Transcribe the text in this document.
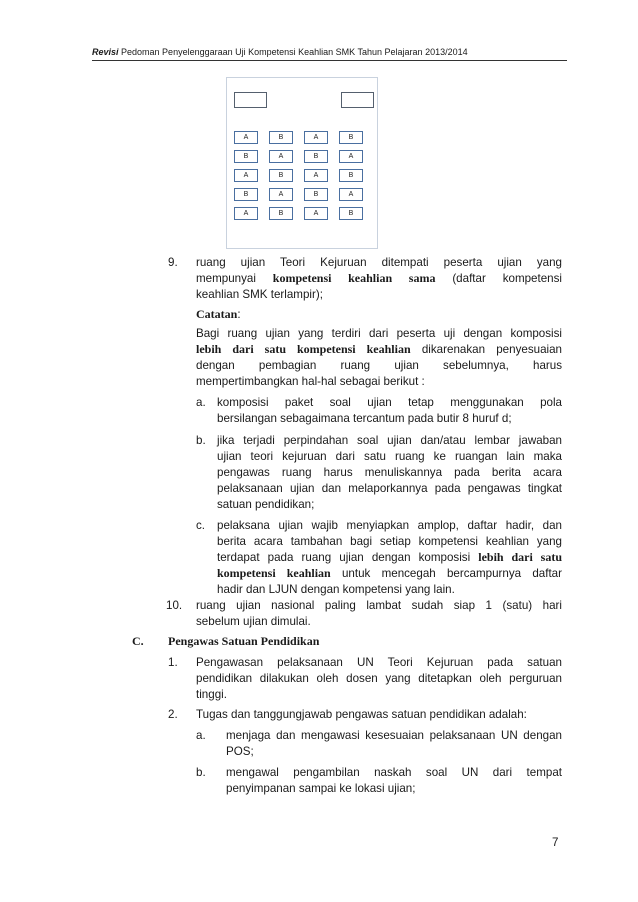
Revisi Pedoman Penyelenggaraan Uji Kompetensi Keahlian SMK Tahun Pelajaran 2013/2014
A	B	A	B
B	A	B	A
A	B	A	B
B	A	B	A
A	B	A	B
9. ruang ujian Teori Kejuruan ditempati peserta ujian yang
mempunyai kompetensi keahlian sama (daftar kompetensi
keahlian SMK terlampir);
Catatan:
Bagi ruang ujian yang terdiri dari peserta uji dengan komposisi
lebih dari satu kompetensi keahlian dikarenakan penyesuaian
dengan pembagian ruang ujian sebelumnya, harus
mempertimbangkan hal-hal sebagai berikut :
a. komposisi paket soal ujian tetap menggunakan pola
bersilangan sebagaimana tercantum pada butir 8 huruf d;
b. jika terjadi perpindahan soal ujian dan/atau lembar jawaban
ujian teori kejuruan dari satu ruang ke ruangan lain maka
pengawas ruang harus menuliskannya pada berita acara
pelaksanaan ujian dan melaporkannya pada pengawas tingkat
satuan pendidikan;
c. pelaksana ujian wajib menyiapkan amplop, daftar hadir, dan
berita acara tambahan bagi setiap kompetensi keahlian yang
terdapat pada ruang ujian dengan komposisi lebih dari satu
kompetensi keahlian untuk mencegah bercampurnya daftar
hadir dan LJUN dengan kompetensi yang lain.
10. ruang ujian nasional paling lambat sudah siap 1 (satu) hari
sebelum ujian dimulai.
C. Pengawas Satuan Pendidikan
1. Pengawasan pelaksanaan UN Teori Kejuruan pada satuan
pendidikan dilakukan oleh dosen yang ditetapkan oleh perguruan
tinggi.
2. Tugas dan tanggungjawab pengawas satuan pendidikan adalah:
a. menjaga dan mengawasi kesesuaian pelaksanaan UN dengan
POS;
b. mengawal pengambilan naskah soal UN dari tempat
penyimpanan sampai ke lokasi ujian;
7
